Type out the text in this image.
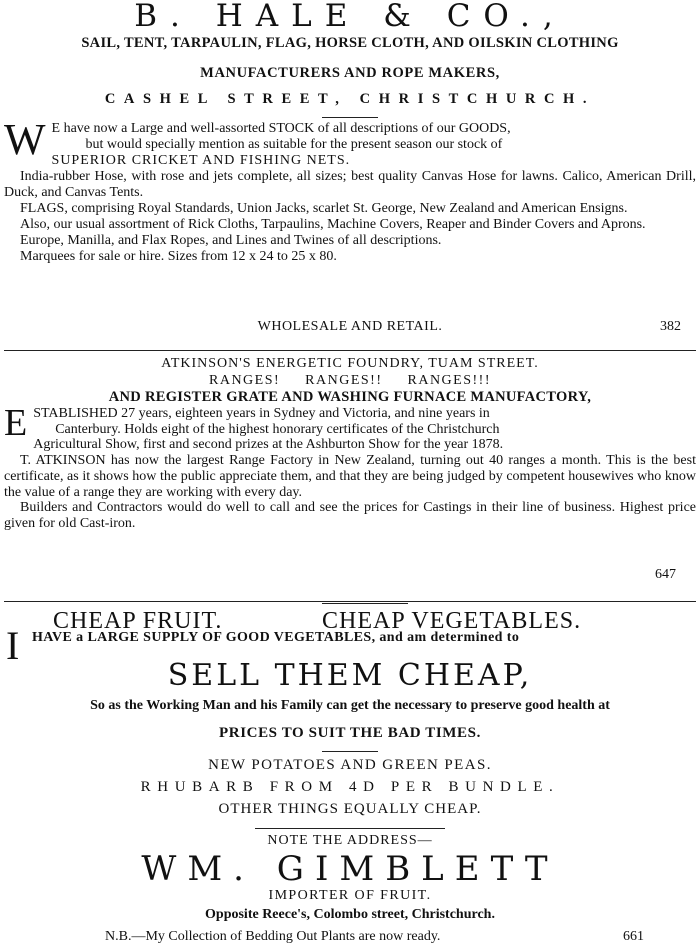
B. HALE & CO.,
SAIL, TENT, TARPAULIN, FLAG, HORSE CLOTH, AND OILSKIN CLOTHING
MANUFACTURERS AND ROPE MAKERS,
CASHEL STREET, CHRISTCHURCH.

W E have now a Large and well-assorted STOCK of all descriptions of our GOODS,
but would specially mention as suitable for the present season our stock of

SUPERIOR CRICKET AND FISHING NETS.

India-rubber Hose, with rose and jets complete, all sizes; best quality Canvas Hose for lawns. Calico, American Drill, Duck, and Canvas Tents.

FLAGS, comprising Royal Standards, Union Jacks, scarlet St. George, New Zealand and American Ensigns.

Also, our usual assortment of Rick Cloths, Tarpaulins, Machine Covers, Reaper and Binder Covers and Aprons.

Europe, Manilla, and Flax Ropes, and Lines and Twines of all descriptions.

Marquees for sale or hire. Sizes from 12 x 24 to 25 x 80.

WHOLESALE AND RETAIL.	382
ATKINSON'S ENERGETIC FOUNDRY, TUAM STREET.
RANGES! RANGES!! RANGES!!!
AND REGISTER GRATE AND WASHING FURNACE MANUFACTORY,

E STABLISHED 27 years, eighteen years in Sydney and Victoria, and nine years in
Canterbury. Holds eight of the highest honorary certificates of the Christchurch

Agricultural Show, first and second prizes at the Ashburton Show for the year 1878.

T. ATKINSON has now the largest Range Factory in New Zealand, turning out 40 ranges a month. This is the best certificate, as it shows how the public appreciate them, and that they are being judged by competent housewives who know the value of a range they are working with every day.

Builders and Contractors would do well to call and see the prices for Castings in their line of business. Highest price given for old Cast-iron.

647
CHEAP FRUIT.	CHEAP VEGETABLES.
I HAVE a LARGE SUPPLY OF GOOD VEGETABLES, and am determined to
SELL THEM CHEAP,
So as the Working Man and his Family can get the necessary to preserve good health at
PRICES TO SUIT THE BAD TIMES.
NEW POTATOES AND GREEN PEAS.
RHUBARB FROM 4D PER BUNDLE.
OTHER THINGS EQUALLY CHEAP.
NOTE THE ADDRESS—
WM. GIMBLETT
IMPORTER OF FRUIT.
Opposite Reece's, Colombo street, Christchurch.
N.B.—My Collection of Bedding Out Plants are now ready.	661
